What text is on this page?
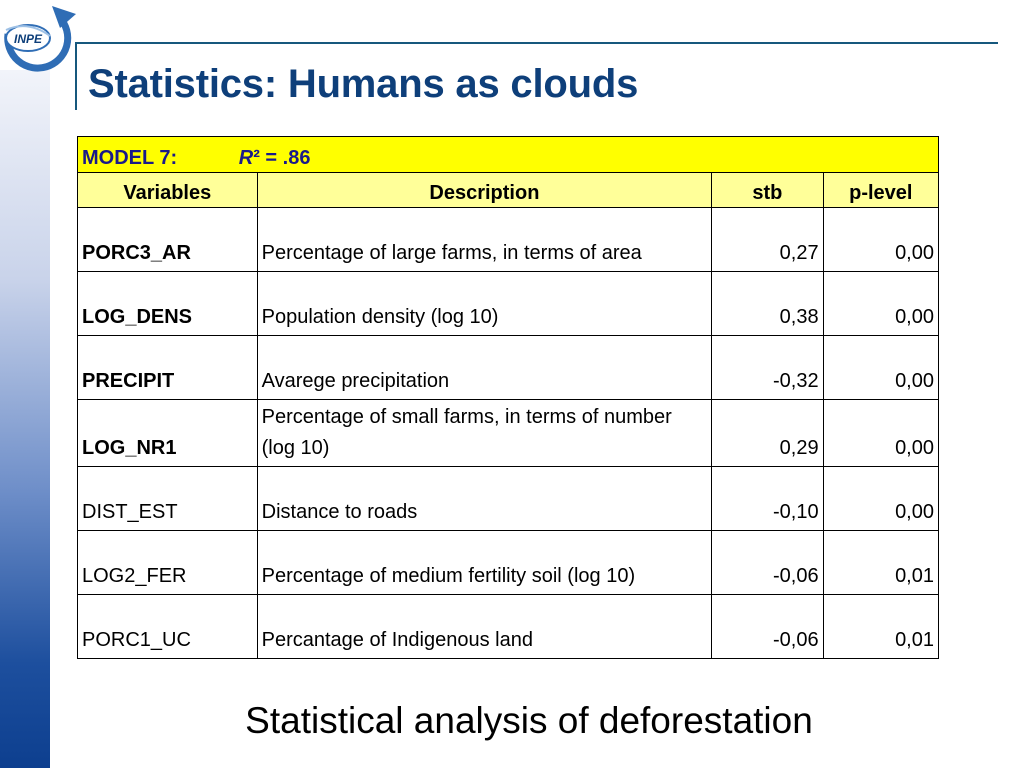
INPE
Statistics: Humans as clouds
MODEL 7: R² = .86			
Variables	Description	stb	p-level
PORC3_AR	Percentage of large farms, in terms of area	0,27	0,00
LOG_DENS	Population density (log 10)	0,38	0,00
PRECIPIT	Avarege precipitation	-0,32	0,00
LOG_NR1	Percentage of small farms, in terms of number (log 10)	0,29	0,00
DIST_EST	Distance to roads	-0,10	0,00
LOG2_FER	Percentage of medium fertility soil (log 10)	-0,06	0,01
PORC1_UC	Percantage of Indigenous land	-0,06	0,01
Statistical analysis of deforestation
